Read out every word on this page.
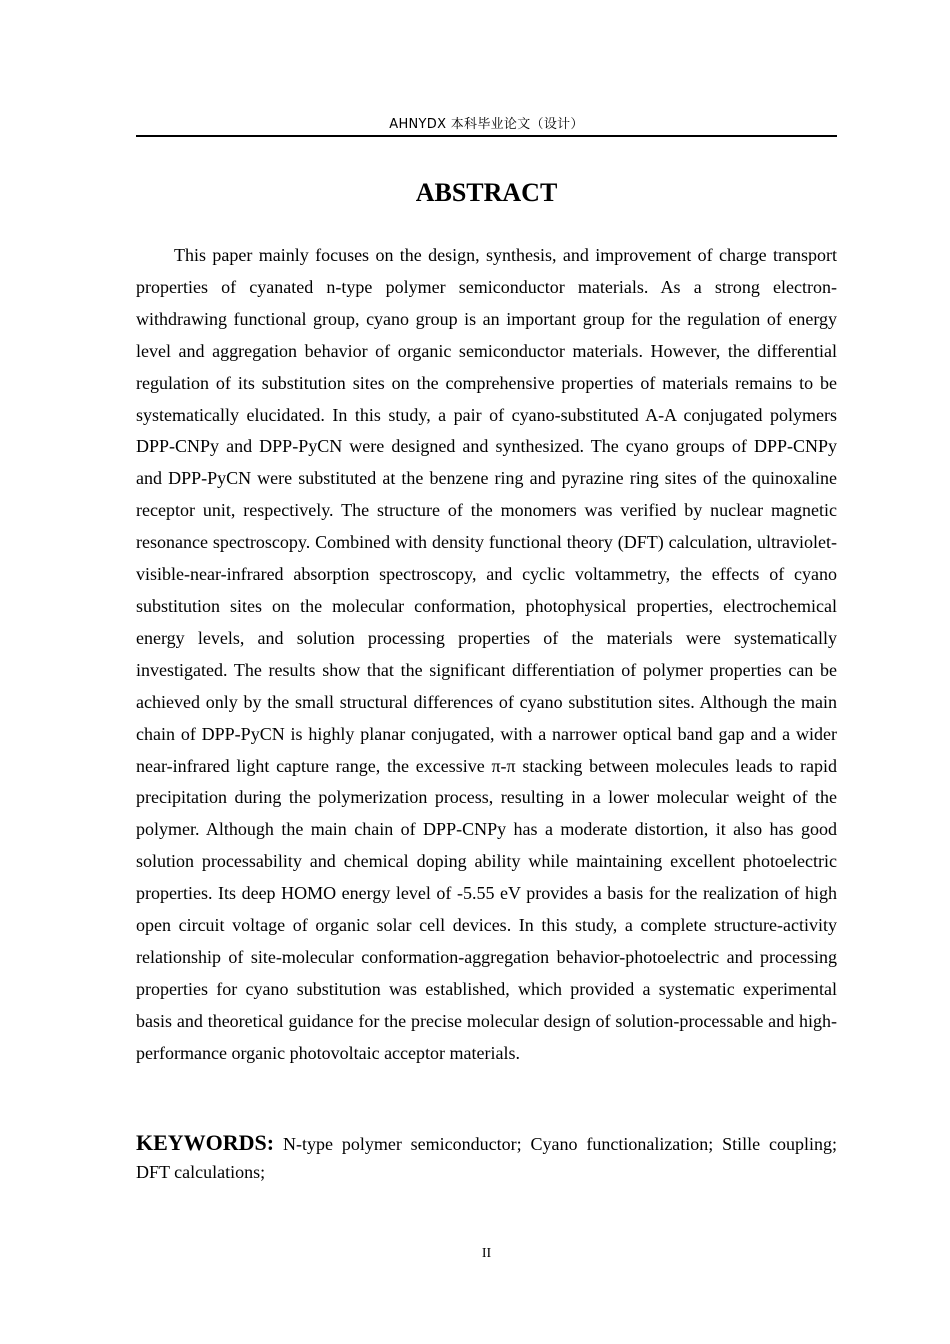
AHNYDX 本科毕业论文（设计）
ABSTRACT

This paper mainly focuses on the design, synthesis, and improvement of charge transport properties of cyanated n-type polymer semiconductor materials. As a strong electron-withdrawing functional group, cyano group is an important group for the regulation of energy level and aggregation behavior of organic semiconductor materials. However, the differential regulation of its substitution sites on the comprehensive properties of materials remains to be systematically elucidated. In this study, a pair of cyano-substituted A-A conjugated polymers DPP-CNPy and DPP-PyCN were designed and synthesized. The cyano groups of DPP-CNPy and DPP-PyCN were substituted at the benzene ring and pyrazine ring sites of the quinoxaline receptor unit, respectively. The structure of the monomers was verified by nuclear magnetic resonance spectroscopy. Combined with density functional theory (DFT) calculation, ultraviolet-visible-near-infrared absorption spectroscopy, and cyclic voltammetry, the effects of cyano substitution sites on the molecular conformation, photophysical properties, electrochemical energy levels, and solution processing properties of the materials were systematically investigated. The results show that the significant differentiation of polymer properties can be achieved only by the small structural differences of cyano substitution sites. Although the main chain of DPP-PyCN is highly planar conjugated, with a narrower optical band gap and a wider near-infrared light capture range, the excessive π-π stacking between molecules leads to rapid precipitation during the polymerization process, resulting in a lower molecular weight of the polymer. Although the main chain of DPP-CNPy has a moderate distortion, it also has good solution processability and chemical doping ability while maintaining excellent photoelectric properties. Its deep HOMO energy level of -5.55 eV provides a basis for the realization of high open circuit voltage of organic solar cell devices. In this study, a complete structure-activity relationship of site-molecular conformation-aggregation behavior-photoelectric and processing properties for cyano substitution was established, which provided a systematic experimental basis and theoretical guidance for the precise molecular design of solution-processable and high-performance organic photovoltaic acceptor materials.

KEYWORDS: N-type polymer semiconductor; Cyano functionalization; Stille coupling; DFT calculations;

II
